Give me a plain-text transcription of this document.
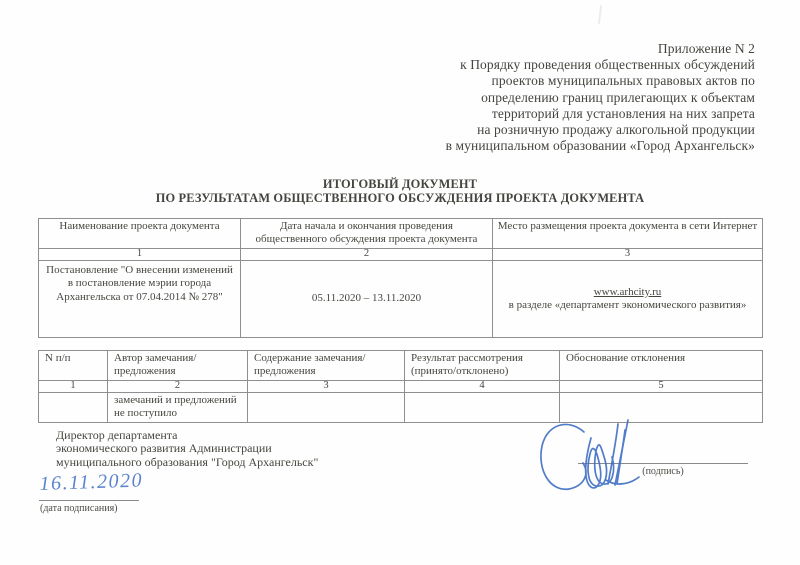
Приложение N 2
к Порядку проведения общественных обсуждений
проектов муниципальных правовых актов по
определению границ прилегающих к объектам
территорий для установления на них запрета
на розничную продажу алкогольной продукции
в муниципальном образовании «Город Архангельск»
ИТОГОВЫЙ ДОКУМЕНТ
ПО РЕЗУЛЬТАТАМ ОБЩЕСТВЕННОГО ОБСУЖДЕНИЯ ПРОЕКТА ДОКУМЕНТА
Наименование проекта документа	Дата начала и окончания проведения общественного обсуждения проекта документа	Место размещения проекта документа в сети Интернет
1	2	3
Постановление "О внесении изменений в постановление мэрии города Архангельска от 07.04.2014 № 278"	05.11.2020 – 13.11.2020	www.arhcity.ru
в разделе «департамент экономического развития»
N п/п	Автор замечания/предложения	Содержание замечания/предложения	Результат рассмотрения (принято/отклонено)	Обоснование отклонения
1	2	3	4	5
	замечаний и предложений не поступило			
Директор департамента
экономического развития Администрации
муниципального образования "Город Архангельск"
(подпись)
16.11.2020
(дата подписания)
